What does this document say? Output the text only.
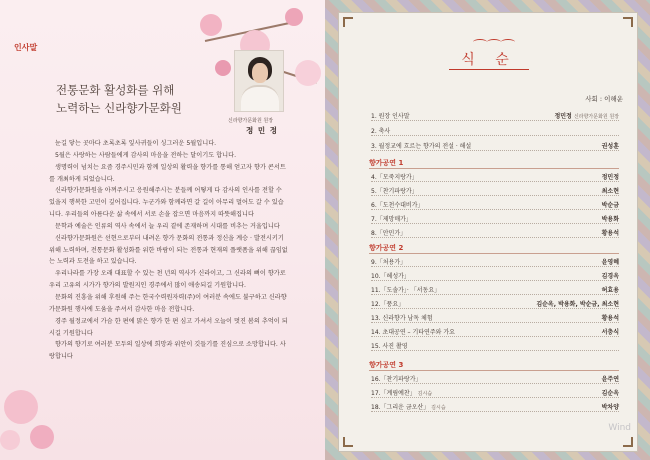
인사말
전통문화 활성화를 위해
노력하는 신라향가문화원
신라향가문화원 원장
정 민 정

눈길 닿는 곳마다 초록초록 잎사귀들이 싱그러운 5월입니다.

5월은 사랑하는 사람들에게 감사의 마음을 전하는 달이기도 합니다.

생명력이 넘치는 요즘 경주시민과 함께 일상의 활력을 향가를 통해 얻고자 향가 콘서트를 개최하게 되었습니다.

신라향가문화원을 아껴주시고 응원해주시는 분들께 어떻게 다 감사의 인사를 전할 수 있을지 행복한 고민이 깊어집니다. 누군가와 함께라면 갈 길이 아무리 멀어도 갈 수 있습니다. 우리들의 아름다운 삶 속에서 서로 손을 잡으면 마음까지 따뜻해집니다

문학과 예술은 인류의 역사 속에서 늘 우리 곁에 존재하며 시대를 비추는 거울입니다

신라향가문화원은 선현으로부터 내려온 향가 문화의 전통과 정신을 계승 · 발전시키기 위해 노력하며, 전통문화 활성화를 위한 바람이 되는 전통과 현재의 플랫폼을 위해 끊임없는 노력과 도전을 하고 있습니다.

우리나라를 가장 오래 대표할 수 있는 천 년의 역사가 신라이고, 그 신라의 뼈이 향가로 우리 고유의 시가가 향가의 발원지인 경주에서 많이 애송되길 기원합니다.

문화의 진흥을 위해 후원해 주는 한국수력원자력(주)이 여러분 속에도 불구하고 신라향가문화원 행사에 도움을 주셔서 감사한 마음 전합니다.

경주 월정교에서 가슴 한 편에 맑은 향가 한 편 심고 가셔서 오늘이 멋진 봄의 추억이 되시길 기원합니다

향가의 향기로 여러분 모두의 일상에 희망과 위안이 깃들기를 진심으로 소망합니다. 사랑합니다

식 순
사회 : 이해운
1. 원장 인사말	정민정 신라향가문화원 원장
2. 축사
3. 월정교에 흐르는 향가의 전설 · 해설	권성훈
향가공연 1
4.「모죽지랑가」	정민정
5.「찬기파랑가」	최소현
6.「도천수대비가」	박순금
7.「제망매가」	박용화
8.「안민가」	황용석
향가공연 2
9.「처용가」	윤영혜
10.「헤성가」	김경옥
11.「도솔가」· 「서동요」	허효용
12.「풍요」	김순옥, 박용화, 박순금, 최소현
13. 신라향가 남독 체험	황용석
14. 초대공연 – 기타연주와 가요	서충식
15. 사진 촬영
향가공연 3
16.「찬기파랑가」	윤주연
17.「계림예찬」 김시습	김순옥
18.「그리운 금오산」 김시습	박차양
Wind
